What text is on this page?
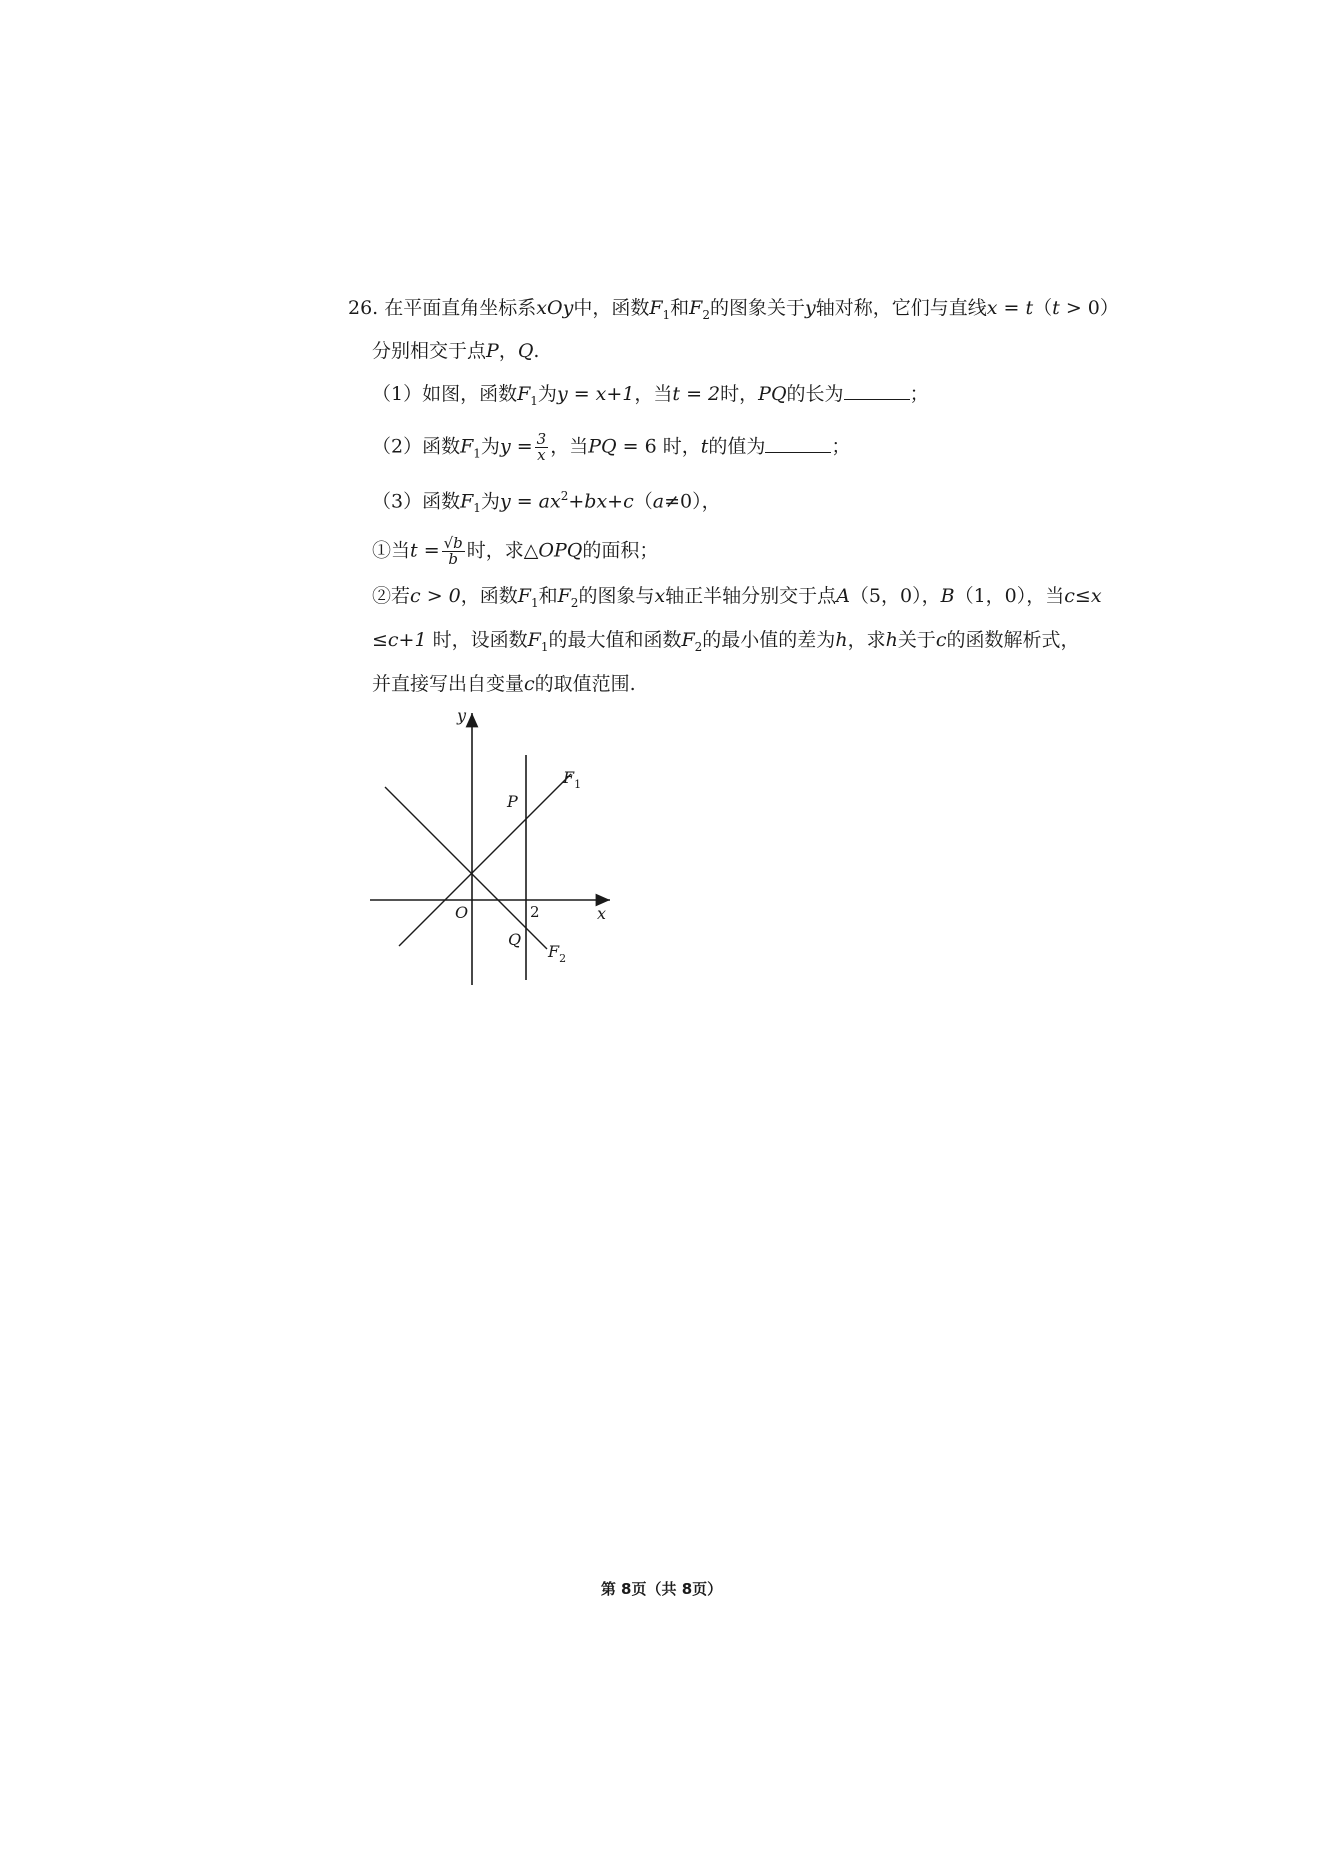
26. 在平面直角坐标系xOy中，函数$F_1$和$F_2$的图象关于y轴对称，它们与直线x = t（t > 0）
分别相交于点P，Q.
（1）如图，函数$F_1$为y = x+1，当t = 2时，PQ的长为	；
（2）函数$F_1$为$y = \frac{3}{x}$ ，当PQ = 6 时，t的值为	；
（3）函数$F_1$为$y = ax^2+bx+c(a\ne 0)$，
①当$t = \frac{√b}{b}$ 时，求△OPQ的面积；
②若c > 0，函数$F_1$和$F_2$的图象与x轴正半轴分别交于点A（5，0），B（1，0），当c≤x
≤c+1 时，设函数$F_1$的最大值和函数$F_2$的最小值的差为h，求h关于c的函数解析式，
并直接写出自变量c的取值范围.
y
x
O	2
P
Q
$F_1$
$F_2$
第 8页（共 8页）
